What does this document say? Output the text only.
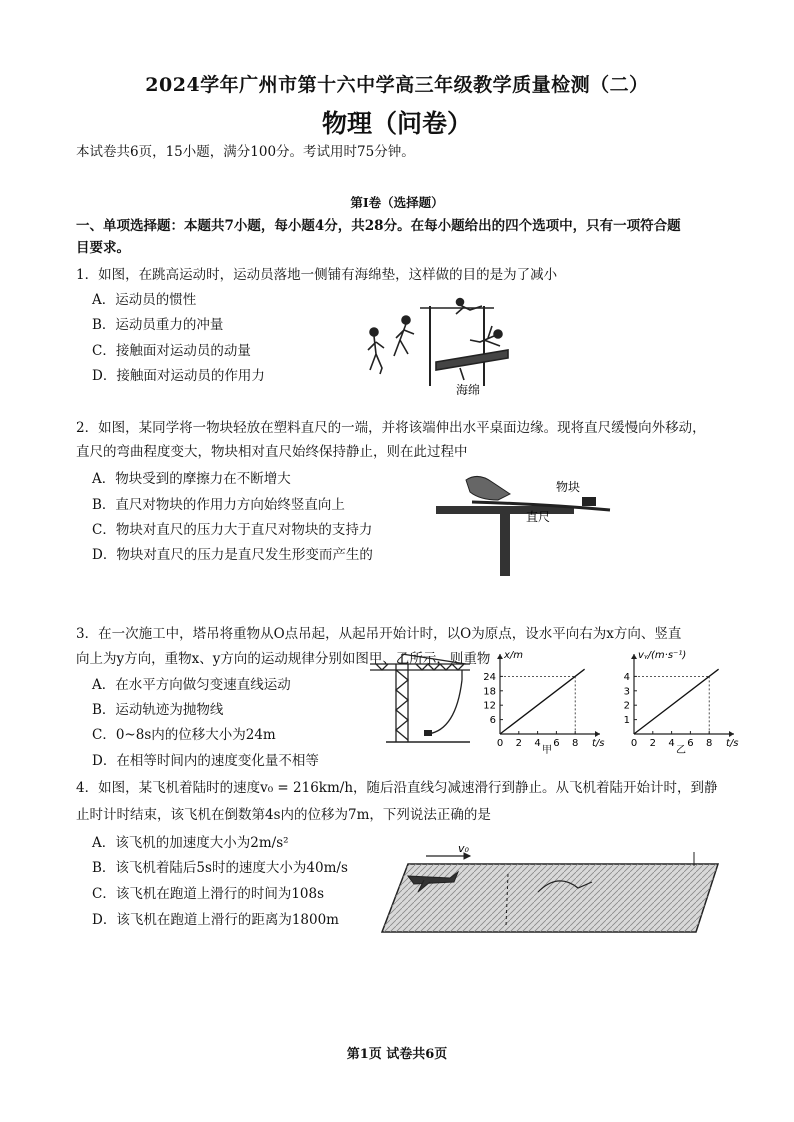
2024学年广州市第十六中学高三年级教学质量检测（二）
物理（问卷）
本试卷共6页，15小题，满分100分。考试用时75分钟。
第I卷（选择题）
一、单项选择题：本题共7小题，每小题4分，共28分。在每小题给出的四个选项中，只有一项符合题
目要求。
1．如图，在跳高运动时，运动员落地一侧铺有海绵垫，这样做的目的是为了减小
A．运动员的惯性
B．运动员重力的冲量
C．接触面对运动员的动量
D．接触面对运动员的作用力
海绵
2．如图，某同学将一物块轻放在塑料直尺的一端，并将该端伸出水平桌面边缘。现将直尺缓慢向外移动，
直尺的弯曲程度变大，物块相对直尺始终保持静止，则在此过程中
A．物块受到的摩擦力在不断增大
B．直尺对物块的作用力方向始终竖直向上
C．物块对直尺的压力大于直尺对物块的支持力
D．物块对直尺的压力是直尺发生形变而产生的
物块
直尺
3．在一次施工中，塔吊将重物从O点吊起，从起吊开始计时，以O为原点，设水平向右为x方向、竖直
向上为y方向，重物x、y方向的运动规律分别如图甲、乙所示，则重物
A．在水平方向做匀变速直线运动
B．运动轨迹为抛物线
C．0~8s内的位移大小为24m
D．在相等时间内的速度变化量不相等
0 2 4 6 8
6
12
18
24
x/m
t/s
甲
0 2 4 6 8
1
2
3
4
vᵧ/(m·s⁻¹)
t/s
乙
4．如图，某飞机着陆时的速度v₀ = 216km/h，随后沿直线匀减速滑行到静止。从飞机着陆开始计时，到静
止时计时结束，该飞机在倒数第4s内的位移为7m，下列说法正确的是
A．该飞机的加速度大小为2m/s²
B．该飞机着陆后5s时的速度大小为40m/s
C．该飞机在跑道上滑行的时间为108s
D．该飞机在跑道上滑行的距离为1800m
v₀
第1页 试卷共6页
